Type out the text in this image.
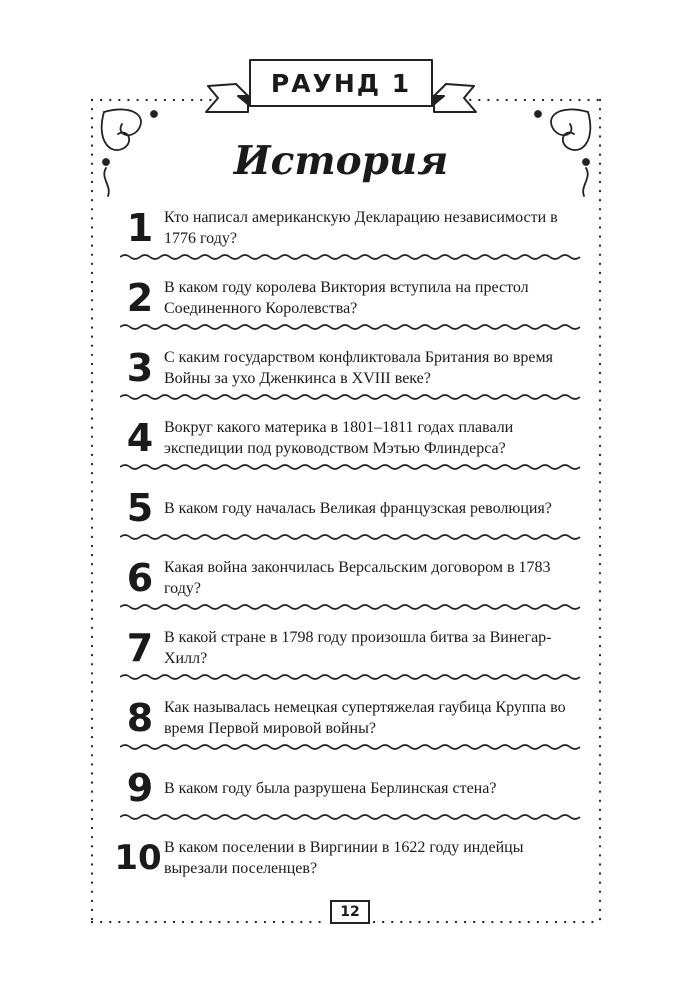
РАУНД 1
История
1 Кто написал американскую Декларацию независимости в 1776 году?
2 В каком году королева Виктория вступила на престол Соединенного Королевства?
3 С каким государством конфликтовала Британия во время Войны за ухо Дженкинса в XVIII веке?
4 Вокруг какого материка в 1801–1811 годах плавали экспедиции под руководством Мэтью Флиндерса?
5 В каком году началась Великая французская революция?
6 Какая война закончилась Версальским договором в 1783 году?
7 В какой стране в 1798 году произошла битва за Винегар-Хилл?
8 Как называлась немецкая супертяжелая гаубица Круппа во время Первой мировой войны?
9 В каком году была разрушена Берлинская стена?
10 В каком поселении в Виргинии в 1622 году индейцы вырезали поселенцев?
12
